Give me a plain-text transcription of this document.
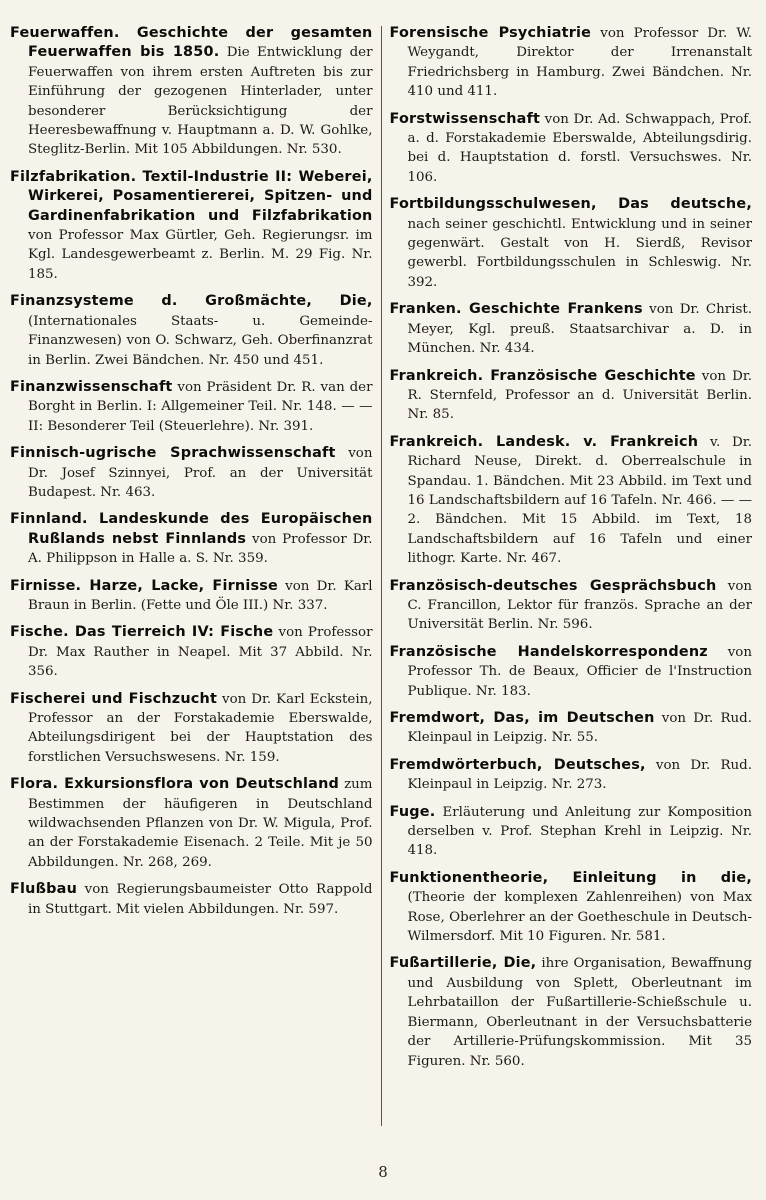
Feuerwaffen. Geschichte der gesamten Feuerwaffen bis 1850. Die Entwicklung der Feuerwaffen von ihrem ersten Auftreten bis zur Einführung der gezogenen Hinterlader, unter besonderer Berücksichtigung der Heeresbewaffnung v. Hauptmann a. D. W. Gohlke, Steglitz-Berlin. Mit 105 Abbildungen. Nr. 530.

Filzfabrikation. Textil-Industrie II: Weberei, Wirkerei, Posamentiererei, Spitzen- und Gardinenfabrikation und Filzfabrikation von Professor Max Gürtler, Geh. Regierungsr. im Kgl. Landesgewerbeamt z. Berlin. M. 29 Fig. Nr. 185.

Finanzsysteme d. Großmächte, Die, (Internationales Staats- u. Gemeinde-Finanzwesen) von O. Schwarz, Geh. Oberfinanzrat in Berlin. Zwei Bändchen. Nr. 450 und 451.

Finanzwissenschaft von Präsident Dr. R. van der Borght in Berlin. I: Allgemeiner Teil. Nr. 148. — — II: Besonderer Teil (Steuerlehre). Nr. 391.

Finnisch-ugrische Sprachwissenschaft von Dr. Josef Szinnyei, Prof. an der Universität Budapest. Nr. 463.

Finnland. Landeskunde des Europäischen Rußlands nebst Finnlands von Professor Dr. A. Philippson in Halle a. S. Nr. 359.

Firnisse. Harze, Lacke, Firnisse von Dr. Karl Braun in Berlin. (Fette und Öle III.) Nr. 337.

Fische. Das Tierreich IV: Fische von Professor Dr. Max Rauther in Neapel. Mit 37 Abbild. Nr. 356.

Fischerei und Fischzucht von Dr. Karl Eckstein, Professor an der Forstakademie Eberswalde, Abteilungsdirigent bei der Hauptstation des forstlichen Versuchswesens. Nr. 159.

Flora. Exkursionsflora von Deutschland zum Bestimmen der häufigeren in Deutschland wildwachsenden Pflanzen von Dr. W. Migula, Prof. an der Forstakademie Eisenach. 2 Teile. Mit je 50 Abbildungen. Nr. 268, 269.

Flußbau von Regierungsbaumeister Otto Rappold in Stuttgart. Mit vielen Abbildungen. Nr. 597.

Forensische Psychiatrie von Professor Dr. W. Weygandt, Direktor der Irrenanstalt Friedrichsberg in Hamburg. Zwei Bändchen. Nr. 410 und 411.

Forstwissenschaft von Dr. Ad. Schwappach, Prof. a. d. Forstakademie Eberswalde, Abteilungsdirig. bei d. Hauptstation d. forstl. Versuchswes. Nr. 106.

Fortbildungsschulwesen, Das deutsche, nach seiner geschichtl. Entwicklung und in seiner gegenwärt. Gestalt von H. Sierdß, Revisor gewerbl. Fortbildungsschulen in Schleswig. Nr. 392.

Franken. Geschichte Frankens von Dr. Christ. Meyer, Kgl. preuß. Staatsarchivar a. D. in München. Nr. 434.

Frankreich. Französische Geschichte von Dr. R. Sternfeld, Professor an d. Universität Berlin. Nr. 85.

Frankreich. Landesk. v. Frankreich v. Dr. Richard Neuse, Direkt. d. Oberrealschule in Spandau. 1. Bändchen. Mit 23 Abbild. im Text und 16 Landschaftsbildern auf 16 Tafeln. Nr. 466. — — 2. Bändchen. Mit 15 Abbild. im Text, 18 Landschaftsbildern auf 16 Tafeln und einer lithogr. Karte. Nr. 467.

Französisch-deutsches Gesprächsbuch von C. Francillon, Lektor für französ. Sprache an der Universität Berlin. Nr. 596.

Französische Handelskorrespondenz von Professor Th. de Beaux, Officier de l'Instruction Publique. Nr. 183.

Fremdwort, Das, im Deutschen von Dr. Rud. Kleinpaul in Leipzig. Nr. 55.

Fremdwörterbuch, Deutsches, von Dr. Rud. Kleinpaul in Leipzig. Nr. 273.

Fuge. Erläuterung und Anleitung zur Komposition derselben v. Prof. Stephan Krehl in Leipzig. Nr. 418.

Funktionentheorie, Einleitung in die, (Theorie der komplexen Zahlenreihen) von Max Rose, Oberlehrer an der Goetheschule in Deutsch-Wilmersdorf. Mit 10 Figuren. Nr. 581.

Fußartillerie, Die, ihre Organisation, Bewaffnung und Ausbildung von Splett, Oberleutnant im Lehrbataillon der Fußartillerie-Schießschule u. Biermann, Oberleutnant in der Versuchsbatterie der Artillerie-Prüfungskommission. Mit 35 Figuren. Nr. 560.

8
